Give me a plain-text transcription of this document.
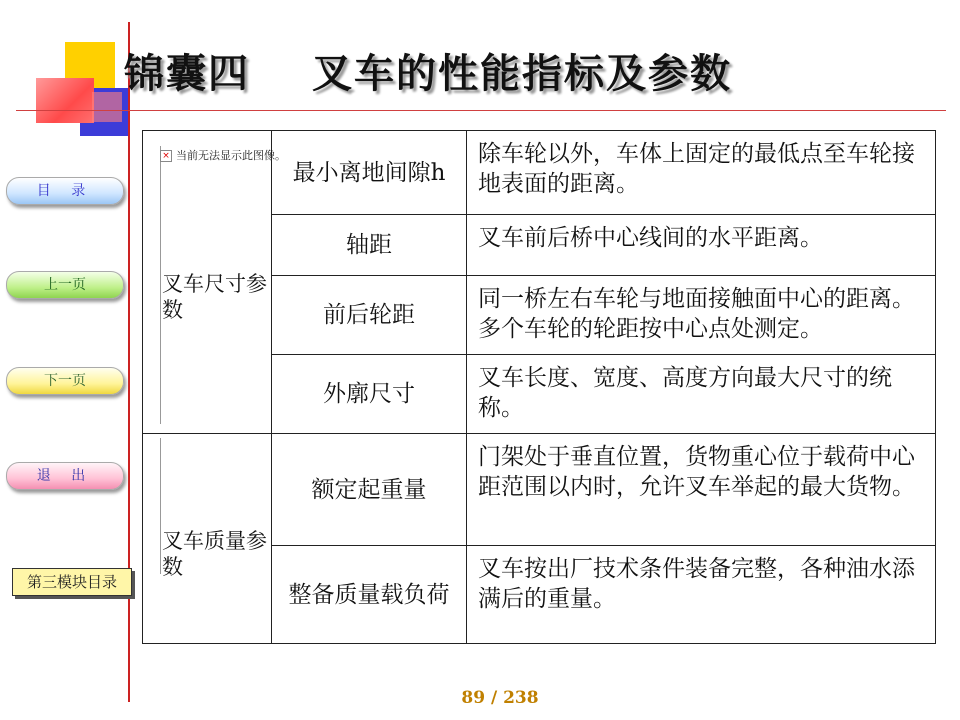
锦囊四 叉车的性能指标及参数
目 录
上一页
下一页
退 出
第三模块目录
叉车尺寸参数	最小离地间隙h	除车轮以外，车体上固定的最低点至车轮接地表面的距离。
	轴距	叉车前后桥中心线间的水平距离。
	前后轮距	同一桥左右车轮与地面接触面中心的距离。多个车轮的轮距按中心点处测定。
	外廓尺寸	叉车长度、宽度、高度方向最大尺寸的统称。
叉车质量参数	额定起重量	门架处于垂直位置，货物重心位于载荷中心距范围以内时，允许叉车举起的最大货物。
	整备质量载负荷	叉车按出厂技术条件装备完整，各种油水添满后的重量。
× 当前无法显示此图像。
89 / 238
